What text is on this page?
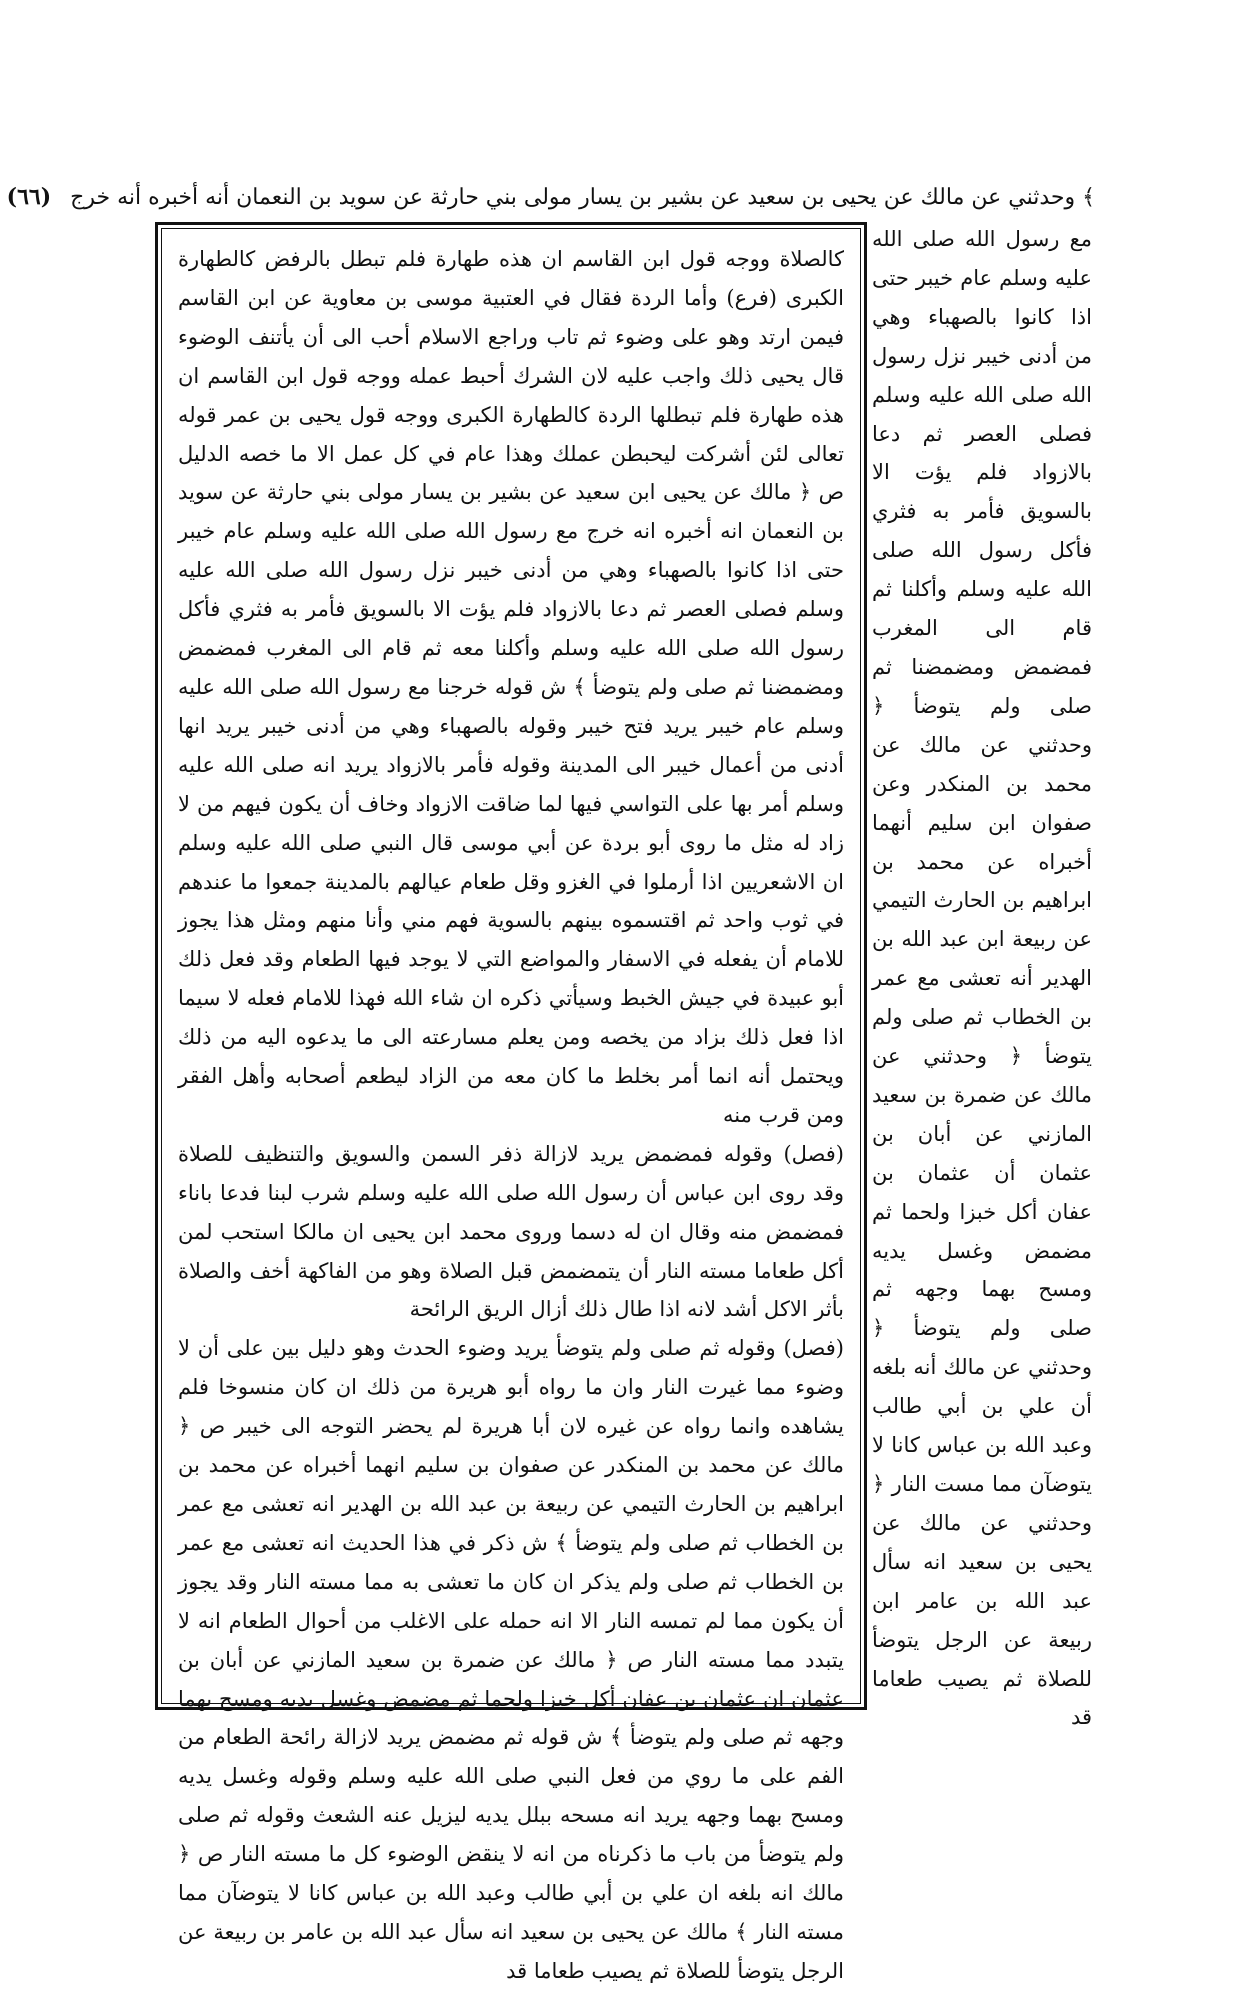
﴾ وحدثني عن مالك عن يحيى بن سعيد عن بشير بن يسار مولى بني حارثة عن سويد بن النعمان أنه أخبره أنه خرج (٦٦)

كالصلاة ووجه قول ابن القاسم ان هذه طهارة فلم تبطل بالرفض كالطهارة الكبرى (فرع) وأما الردة فقال في العتبية موسى بن معاوية عن ابن القاسم فيمن ارتد وهو على وضوء ثم تاب وراجع الاسلام أحب الى أن يأتنف الوضوء قال يحيى ذلك واجب عليه لان الشرك أحبط عمله ووجه قول ابن القاسم ان هذه طهارة فلم تبطلها الردة كالطهارة الكبرى ووجه قول يحيى بن عمر قوله تعالى لئن أشركت ليحبطن عملك وهذا عام في كل عمل الا ما خصه الدليل ص ﴿ مالك عن يحيى ابن سعيد عن بشير بن يسار مولى بني حارثة عن سويد بن النعمان انه أخبره انه خرج مع رسول الله صلى الله عليه وسلم عام خيبر حتى اذا كانوا بالصهباء وهي من أدنى خيبر نزل رسول الله صلى الله عليه وسلم فصلى العصر ثم دعا بالازواد فلم يؤت الا بالسويق فأمر به فثري فأكل رسول الله صلى الله عليه وسلم وأكلنا معه ثم قام الى المغرب فمضمض ومضمضنا ثم صلى ولم يتوضأ ﴾ ش قوله خرجنا مع رسول الله صلى الله عليه وسلم عام خيبر يريد فتح خيبر وقوله بالصهباء وهي من أدنى خيبر يريد انها أدنى من أعمال خيبر الى المدينة وقوله فأمر بالازواد يريد انه صلى الله عليه وسلم أمر بها على التواسي فيها لما ضاقت الازواد وخاف أن يكون فيهم من لا زاد له مثل ما روى أبو بردة عن أبي موسى قال النبي صلى الله عليه وسلم ان الاشعريين اذا أرملوا في الغزو وقل طعام عيالهم بالمدينة جمعوا ما عندهم في ثوب واحد ثم اقتسموه بينهم بالسوية فهم مني وأنا منهم ومثل هذا يجوز للامام أن يفعله في الاسفار والمواضع التي لا يوجد فيها الطعام وقد فعل ذلك أبو عبيدة في جيش الخبط وسيأتي ذكره ان شاء الله فهذا للامام فعله لا سيما اذا فعل ذلك بزاد من يخصه ومن يعلم مسارعته الى ما يدعوه اليه من ذلك ويحتمل أنه انما أمر بخلط ما كان معه من الزاد ليطعم أصحابه وأهل الفقر ومن قرب منه

(فصل) وقوله فمضمض يريد لازالة ذفر السمن والسويق والتنظيف للصلاة وقد روى ابن عباس أن رسول الله صلى الله عليه وسلم شرب لبنا فدعا باناء فمضمض منه وقال ان له دسما وروى محمد ابن يحيى ان مالكا استحب لمن أكل طعاما مسته النار أن يتمضمض قبل الصلاة وهو من الفاكهة أخف والصلاة بأثر الاكل أشد لانه اذا طال ذلك أزال الريق الرائحة

(فصل) وقوله ثم صلى ولم يتوضأ يريد وضوء الحدث وهو دليل بين على أن لا وضوء مما غيرت النار وان ما رواه أبو هريرة من ذلك ان كان منسوخا فلم يشاهده وانما رواه عن غيره لان أبا هريرة لم يحضر التوجه الى خيبر ص ﴿ مالك عن محمد بن المنكدر عن صفوان بن سليم انهما أخبراه عن محمد بن ابراهيم بن الحارث التيمي عن ربيعة بن عبد الله بن الهدير انه تعشى مع عمر بن الخطاب ثم صلى ولم يتوضأ ﴾ ش ذكر في هذا الحديث انه تعشى مع عمر بن الخطاب ثم صلى ولم يذكر ان كان ما تعشى به مما مسته النار وقد يجوز أن يكون مما لم تمسه النار الا انه حمله على الاغلب من أحوال الطعام انه لا يتبدد مما مسته النار ص ﴿ مالك عن ضمرة بن سعيد المازني عن أبان بن عثمان ان عثمان بن عفان أكل خبزا ولحما ثم مضمض وغسل يديه ومسح بهما وجهه ثم صلى ولم يتوضأ ﴾ ش قوله ثم مضمض يريد لازالة رائحة الطعام من الفم على ما روي من فعل النبي صلى الله عليه وسلم وقوله وغسل يديه ومسح بهما وجهه يريد انه مسحه ببلل يديه ليزيل عنه الشعث وقوله ثم صلى ولم يتوضأ من باب ما ذكرناه من انه لا ينقض الوضوء كل ما مسته النار ص ﴿ مالك انه بلغه ان علي بن أبي طالب وعبد الله بن عباس كانا لا يتوضآن مما مسته النار ﴾ مالك عن يحيى بن سعيد انه سأل عبد الله بن عامر بن ربيعة عن الرجل يتوضأ للصلاة ثم يصيب طعاما قد

مع رسول الله صلى الله عليه وسلم عام خيبر حتى اذا كانوا بالصهباء وهي من أدنى خيبر نزل رسول الله صلى الله عليه وسلم فصلى العصر ثم دعا بالازواد فلم يؤت الا بالسويق فأمر به فثري فأكل رسول الله صلى الله عليه وسلم وأكلنا ثم قام الى المغرب فمضمض ومضمضنا ثم صلى ولم يتوضأ ﴿ وحدثني عن مالك عن محمد بن المنكدر وعن صفوان ابن سليم أنهما أخبراه عن محمد بن ابراهيم بن الحارث التيمي عن ربيعة ابن عبد الله بن الهدير أنه تعشى مع عمر بن الخطاب ثم صلى ولم يتوضأ ﴿ وحدثني عن مالك عن ضمرة بن سعيد المازني عن أبان بن عثمان أن عثمان بن عفان أكل خبزا ولحما ثم مضمض وغسل يديه ومسح بهما وجهه ثم صلى ولم يتوضأ ﴿ وحدثني عن مالك أنه بلغه أن علي بن أبي طالب وعبد الله بن عباس كانا لا يتوضآن مما مست النار ﴿ وحدثني عن مالك عن يحيى بن سعيد انه سأل عبد الله بن عامر ابن ربيعة عن الرجل يتوضأ للصلاة ثم يصيب طعاما قد
